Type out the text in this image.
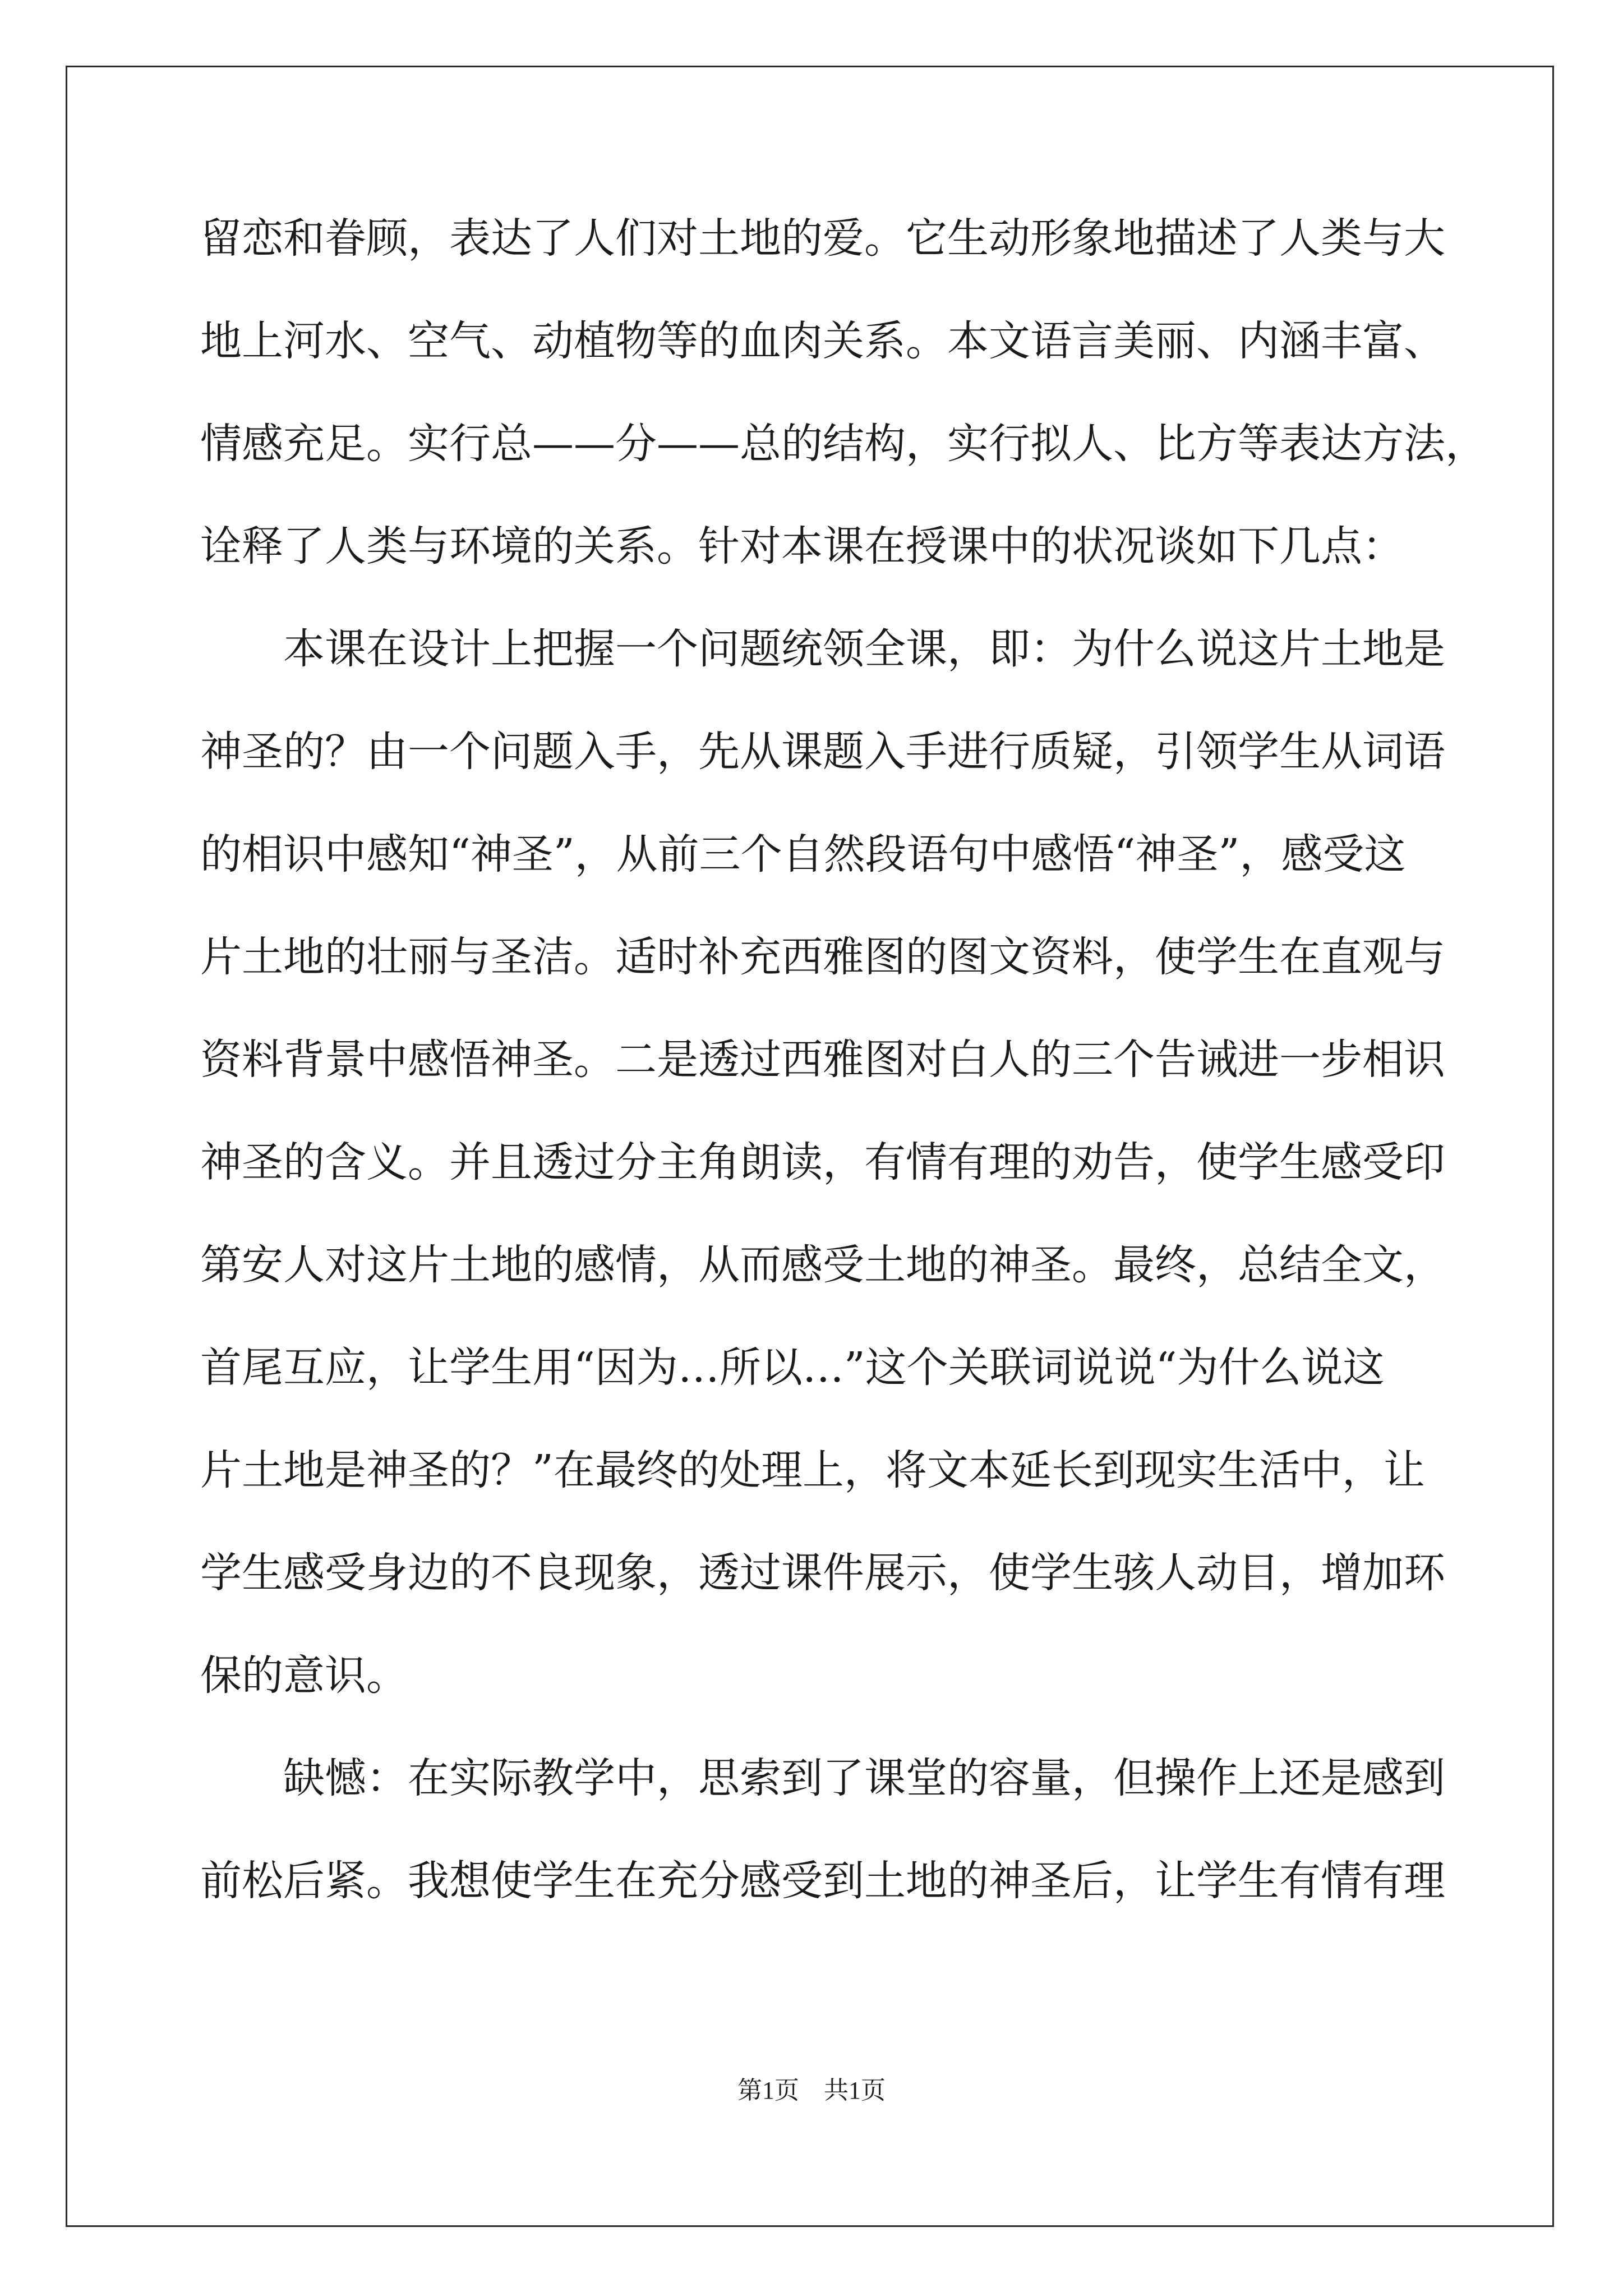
留恋和眷顾，表达了人们对土地的爱。它生动形象地描述了人类与大
地上河水、空气、动植物等的血肉关系。本文语言美丽、内涵丰富、
情感充足。实行总——分——总的结构，实行拟人、比方等表达方法，
诠释了人类与环境的关系。针对本课在授课中的状况谈如下几点：
　　本课在设计上把握一个问题统领全课，即：为什么说这片土地是
神圣的？由一个问题入手，先从课题入手进行质疑，引领学生从词语
的相识中感知“神圣”，从前三个自然段语句中感悟“神圣”，感受这
片土地的壮丽与圣洁。适时补充西雅图的图文资料，使学生在直观与
资料背景中感悟神圣。二是透过西雅图对白人的三个告诫进一步相识
神圣的含义。并且透过分主角朗读，有情有理的劝告，使学生感受印
第安人对这片土地的感情，从而感受土地的神圣。最终，总结全文，
首尾互应，让学生用“因为…所以…”这个关联词说说“为什么说这
片土地是神圣的？”在最终的处理上，将文本延长到现实生活中，让
学生感受身边的不良现象，透过课件展示，使学生骇人动目，增加环
保的意识。
　　缺憾：在实际教学中，思索到了课堂的容量，但操作上还是感到
前松后紧。我想使学生在充分感受到土地的神圣后，让学生有情有理
第1页　共1页
